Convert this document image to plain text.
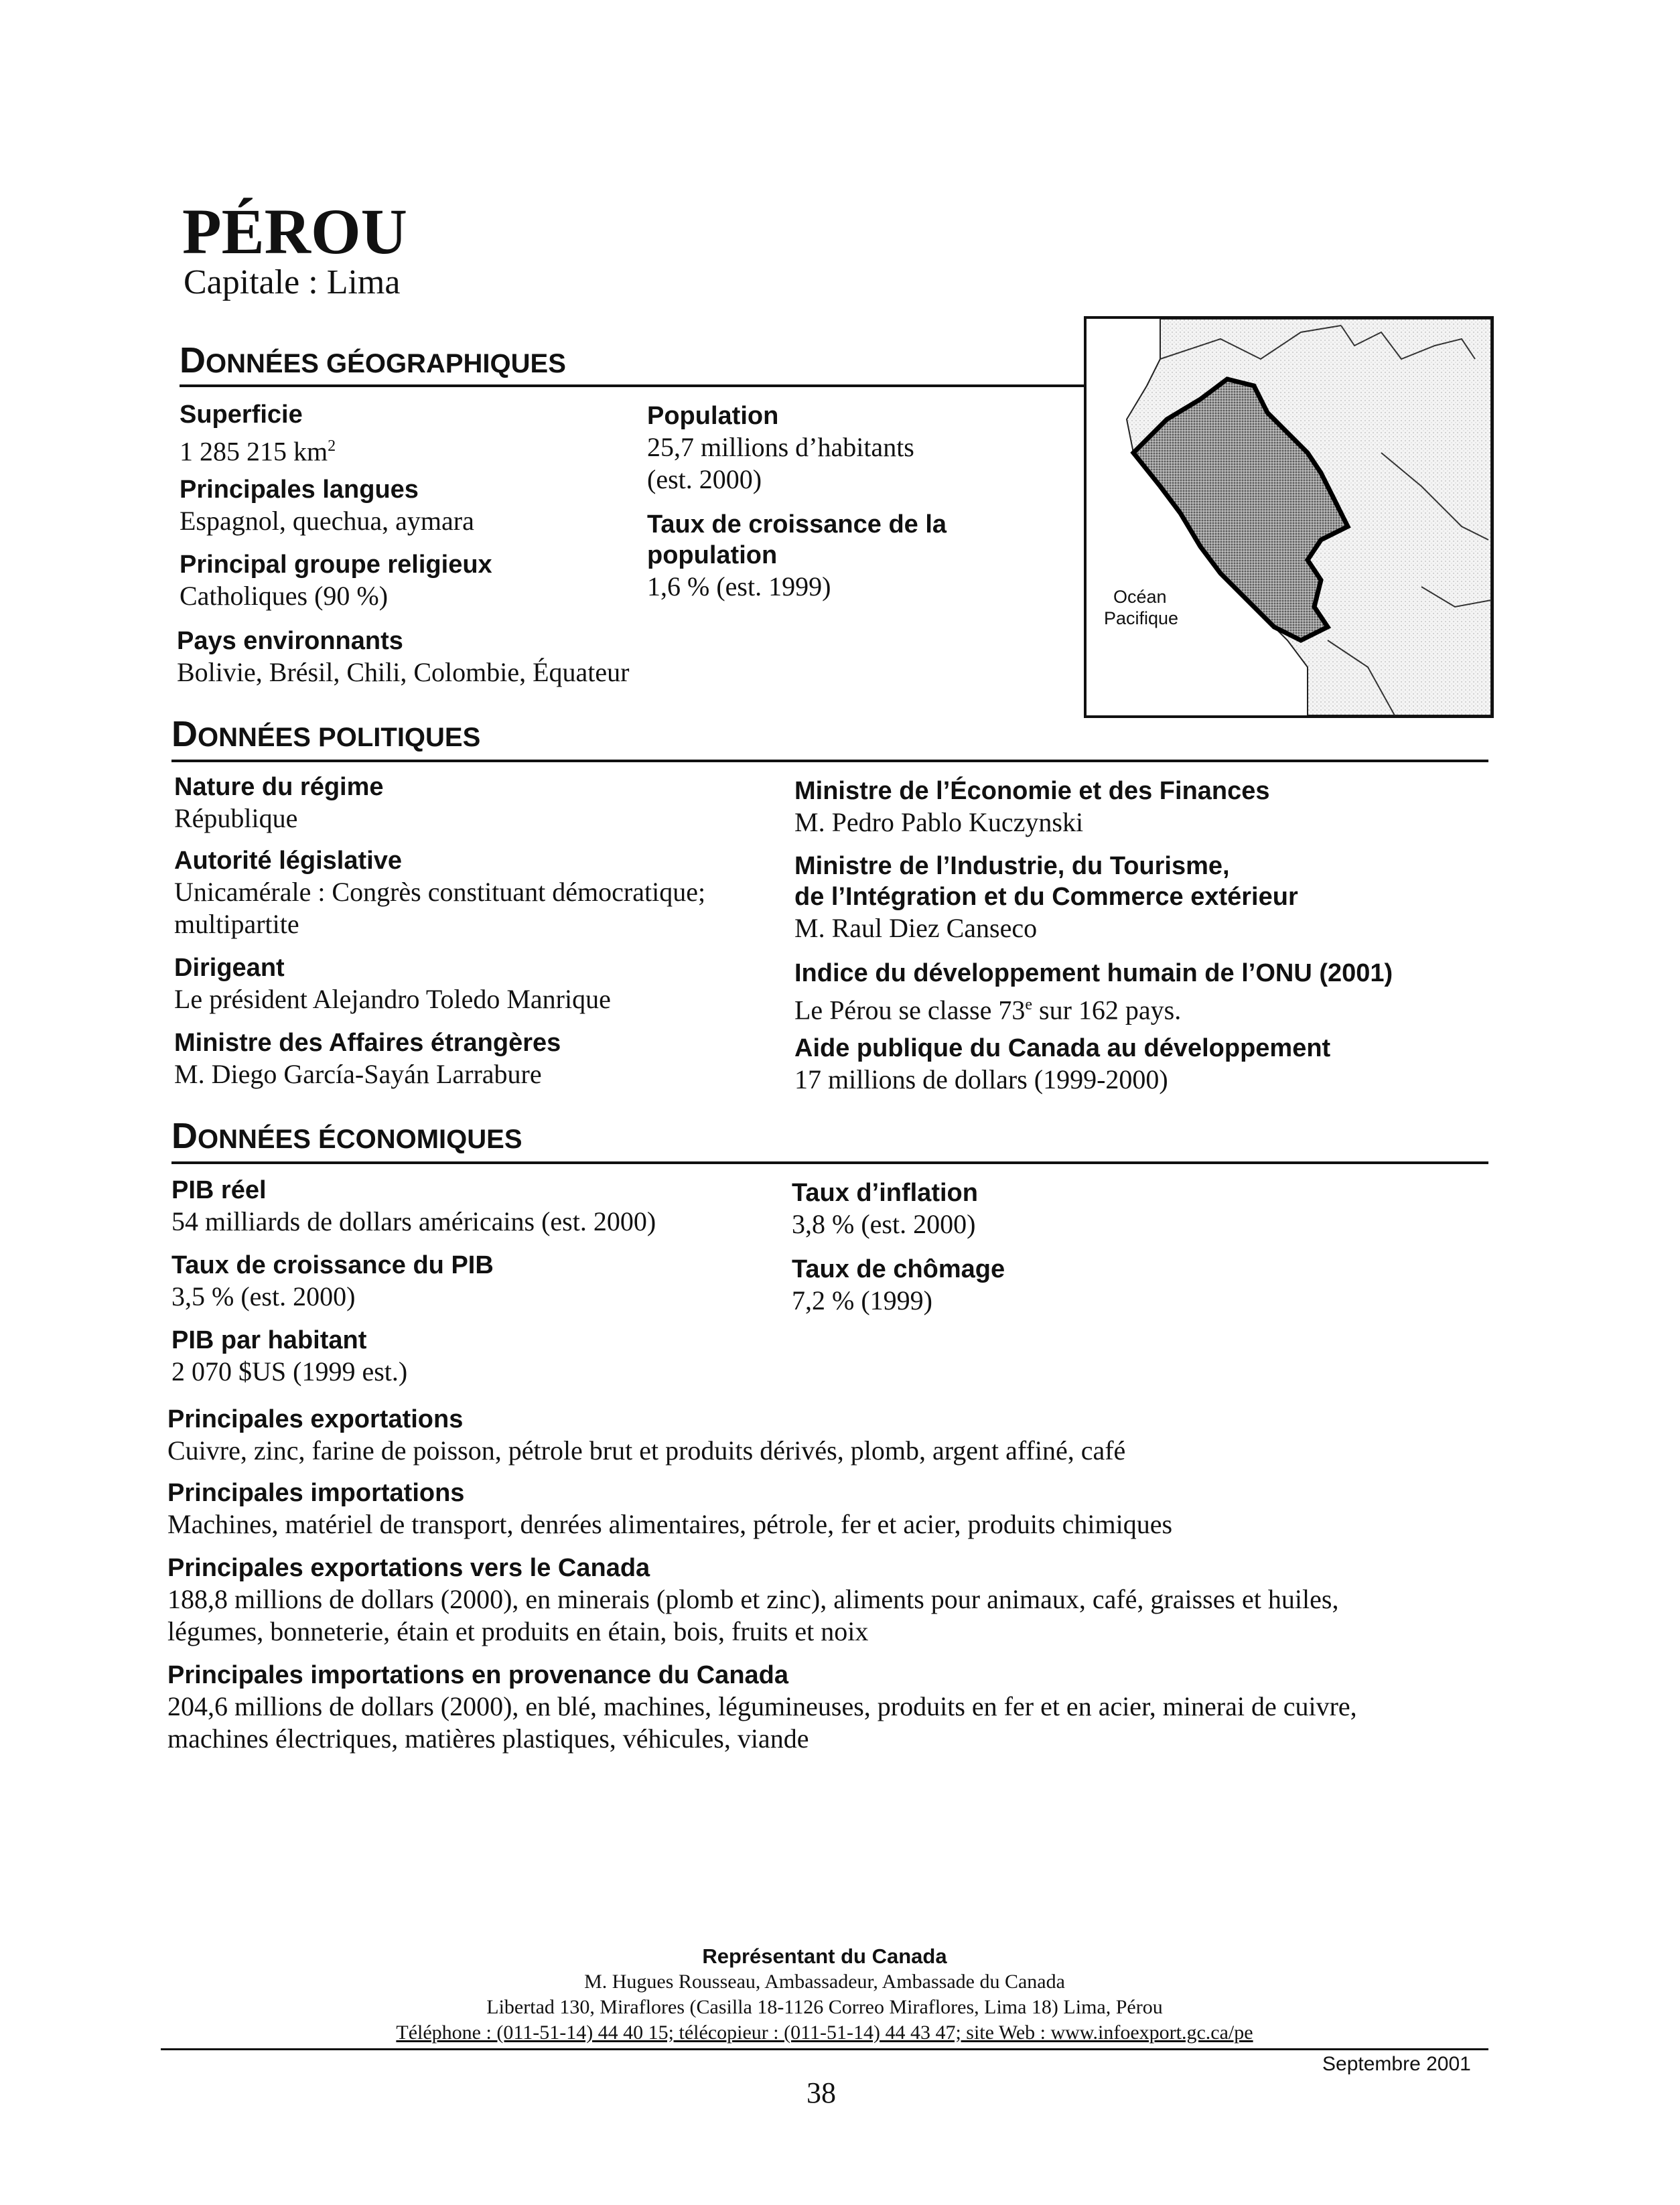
PÉROU
Capitale : Lima
DONNÉES GÉOGRAPHIQUES
Superficie
1 285 215 $km^2$
Principales langues
Espagnol, quechua, aymara
Principal groupe religieux
Catholiques (90 %)
Pays environnants
Bolivie, Brésil, Chili, Colombie, Équateur
Population
25,7 millions d’habitants
(est. 2000)
Taux de croissance de la
population
1,6 % (est. 1999)	Océan
Pacifique
DONNÉES POLITIQUES
Nature du régime
République
Autorité législative
Unicamérale : Congrès constituant démocratique;
multipartite
Dirigeant
Le président Alejandro Toledo Manrique
Ministre des Affaires étrangères
M. Diego García-Sayán Larrabure
Ministre de l’Économie et des Finances
M. Pedro Pablo Kuczynski
Ministre de l’Industrie, du Tourisme,
de l’Intégration et du Commerce extérieur
M. Raul Diez Canseco
Indice du développement humain de l’ONU (2001)
Le Pérou se classe 73e sur 162 pays.
Aide publique du Canada au développement
17 millions de dollars (1999-2000)
DONNÉES ÉCONOMIQUES
PIB réel
54 milliards de dollars américains (est. 2000)
Taux de croissance du PIB
3,5 % (est. 2000)
PIB par habitant
2 070 $US (1999 est.)
Taux d’inflation
3,8 % (est. 2000)
Taux de chômage
7,2 % (1999)
Principales exportations
Cuivre, zinc, farine de poisson, pétrole brut et produits dérivés, plomb, argent affiné, café
Principales importations
Machines, matériel de transport, denrées alimentaires, pétrole, fer et acier, produits chimiques
Principales exportations vers le Canada
188,8 millions de dollars (2000), en minerais (plomb et zinc), aliments pour animaux, café, graisses et huiles,
légumes, bonneterie, étain et produits en étain, bois, fruits et noix
Principales importations en provenance du Canada
204,6 millions de dollars (2000), en blé, machines, légumineuses, produits en fer et en acier, minerai de cuivre,
machines électriques, matières plastiques, véhicules, viande
Représentant du Canada
M. Hugues Rousseau, Ambassadeur, Ambassade du Canada
Libertad 130, Miraflores (Casilla 18-1126 Correo Miraflores, Lima 18) Lima, Pérou
Téléphone : (011-51-14) 44 40 15; télécopieur : (011-51-14) 44 43 47; site Web : www.infoexport.gc.ca/pe
Septembre 2001
38
